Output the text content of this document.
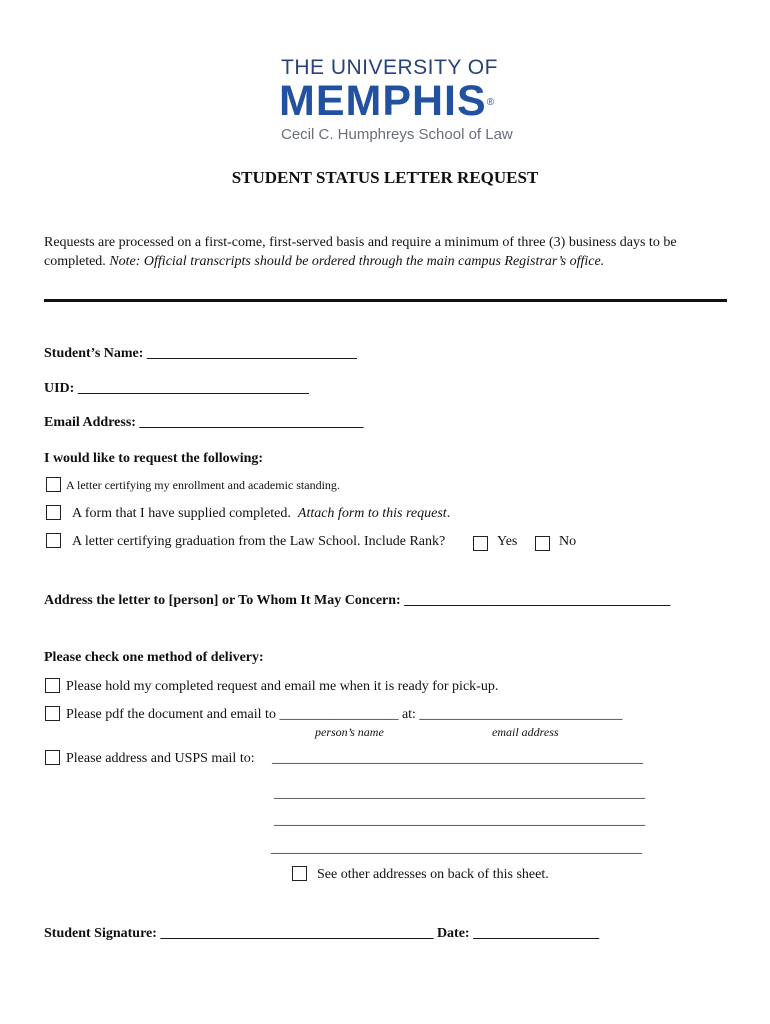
THE UNIVERSITY OF
MEMPHIS®
Cecil C. Humphreys School of Law
STUDENT STATUS LETTER REQUEST
Requests are processed on a first-come, first-served basis and require a minimum of three (3) business days to be
completed. Note: Official transcripts should be ordered through the main campus Registrar’s office.
Student’s Name: ______________________________
UID: _________________________________
Email Address: ________________________________
I would like to request the following:
A letter certifying my enrollment and academic standing.
A form that I have supplied completed. Attach form to this request.
A letter certifying graduation from the Law School. Include Rank?	Yes	No
Address the letter to [person] or To Whom It May Concern: ______________________________________
Please check one method of delivery:
Please hold my completed request and email me when it is ready for pick-up.
Please pdf the document and email to _________________ at: _____________________________
person’s name	email address
Please address and USPS mail to: _____________________________________________________
_____________________________________________________
_____________________________________________________
_____________________________________________________
See other addresses on back of this sheet.
Student Signature: _______________________________________ Date: __________________
